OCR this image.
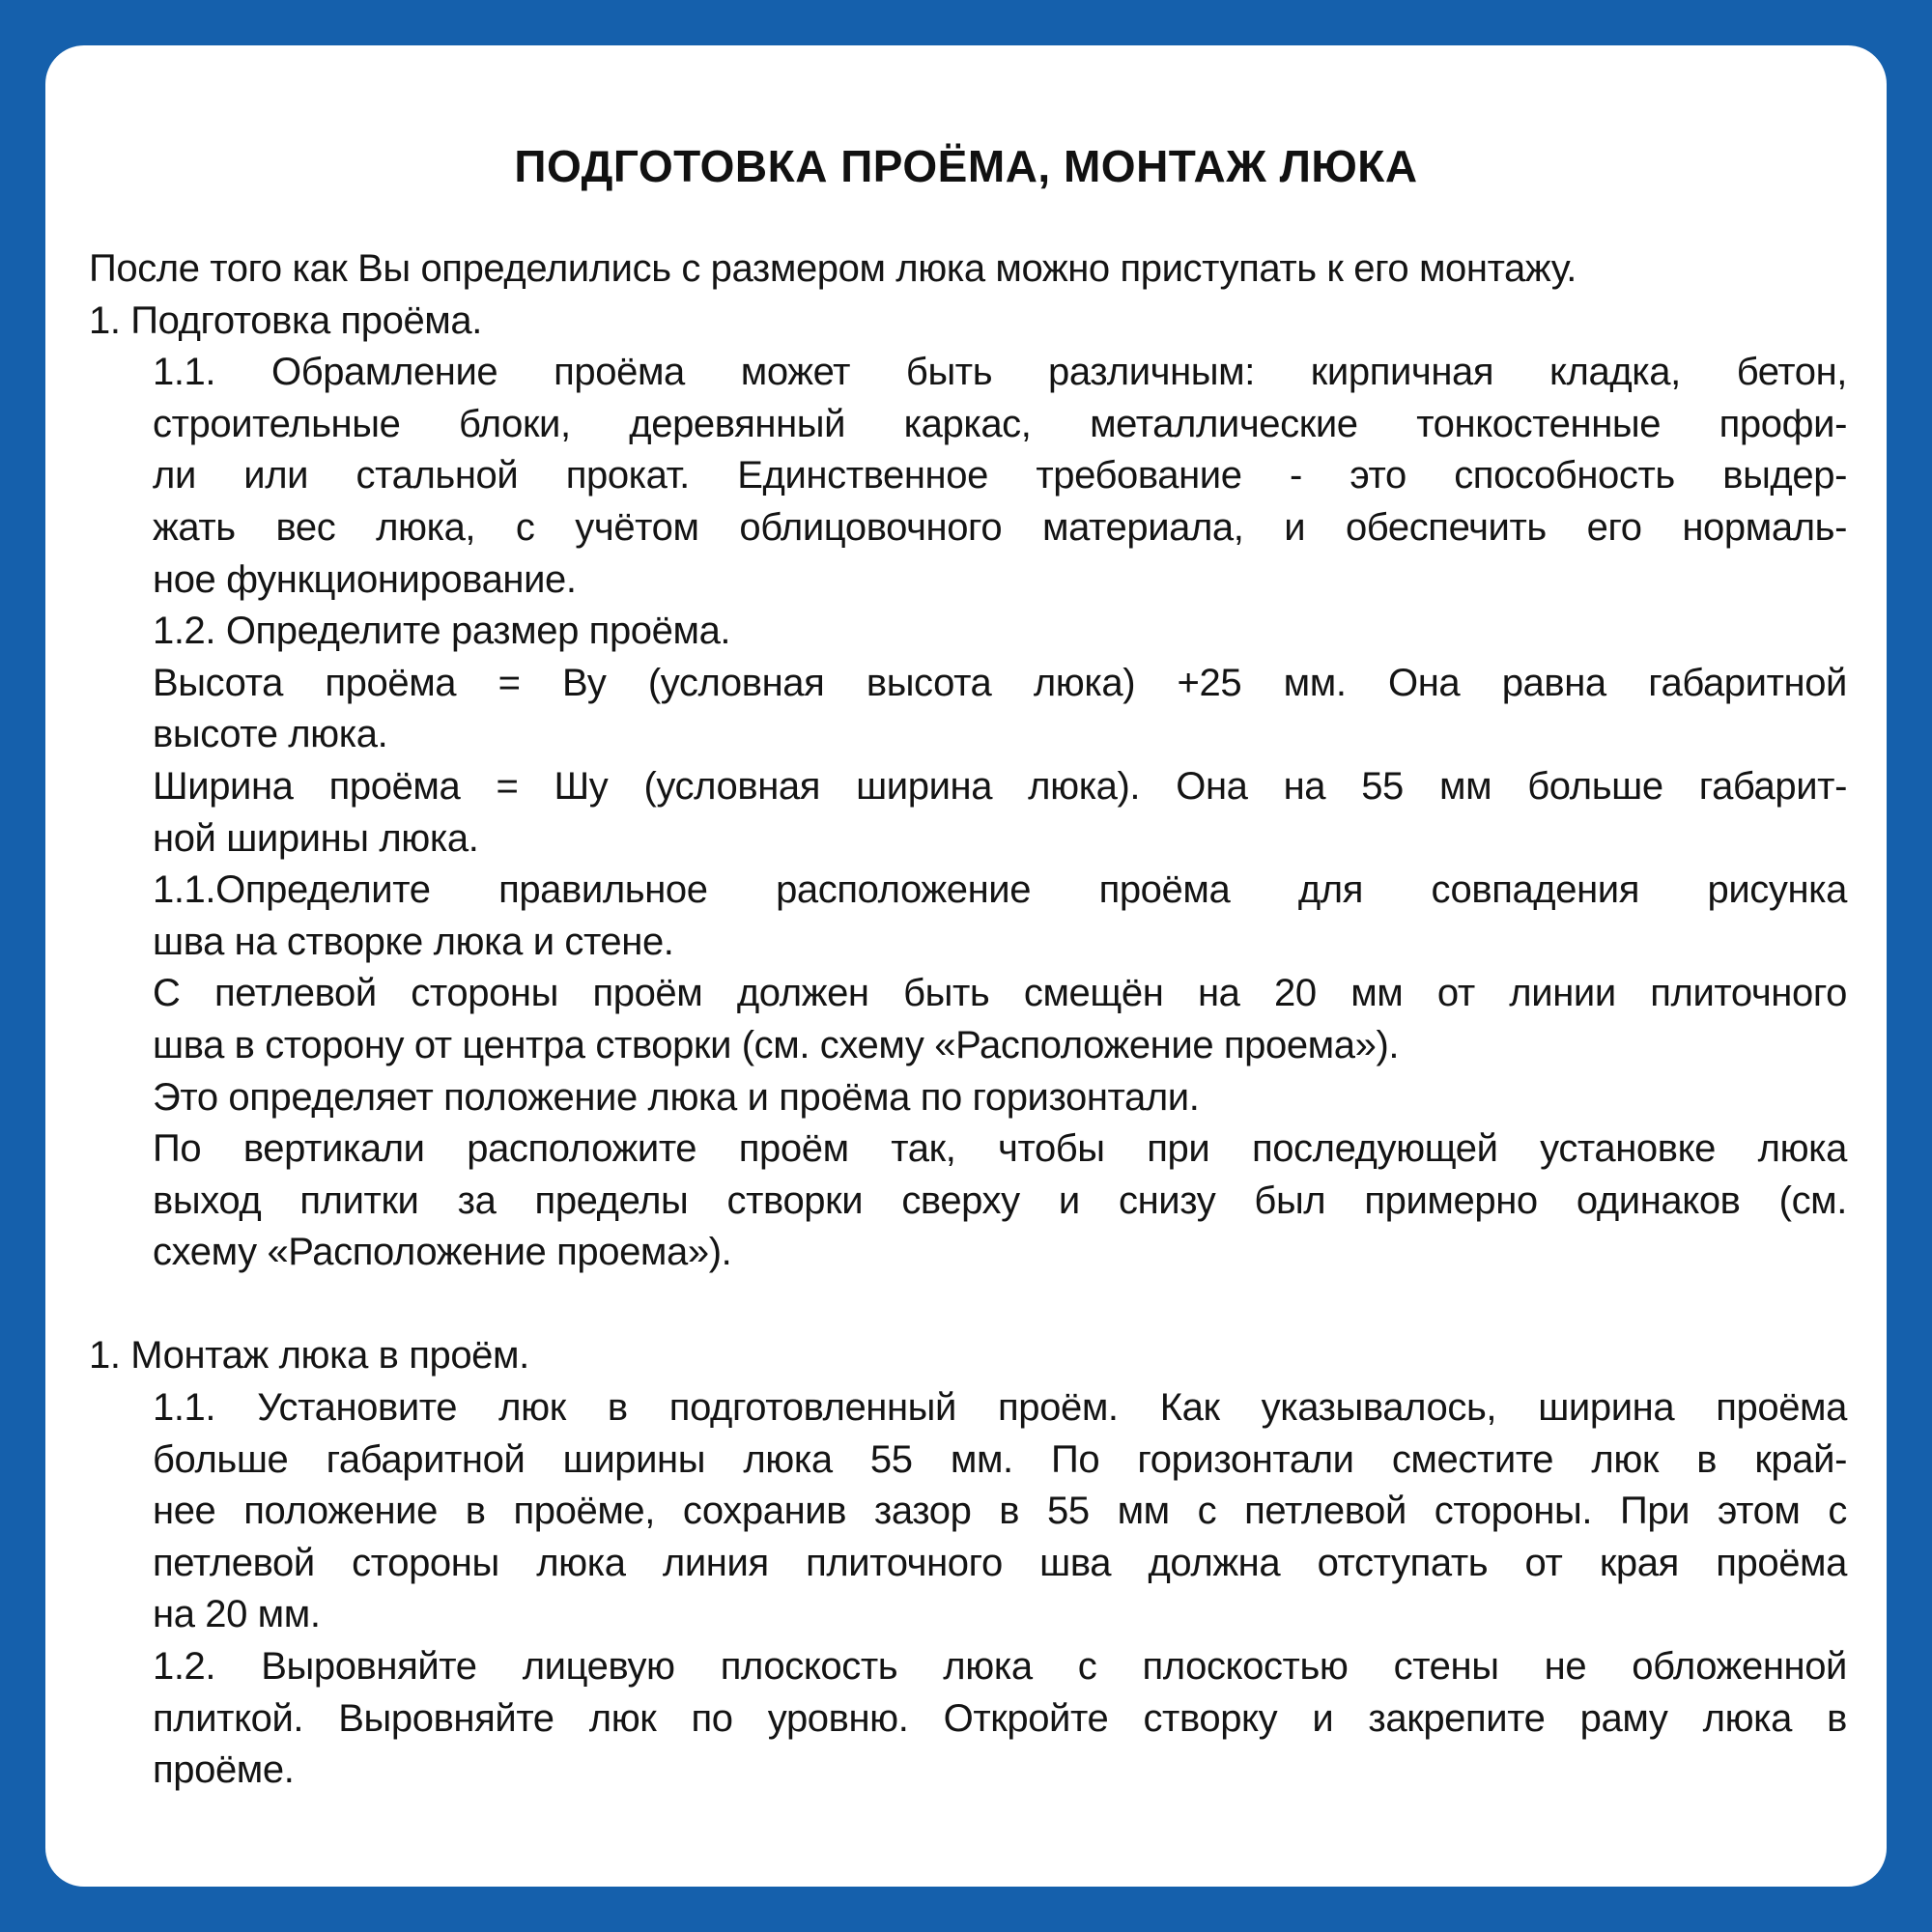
ПОДГОТОВКА ПРОЁМА, МОНТАЖ ЛЮКА

После того как Вы определились с размером люка можно приступать к его монтажу.

1. Подготовка проёма.

1.1. Обрамление проёма может быть различным: кирпичная кладка, бетон,
строительные блоки, деревянный каркас, металлические тонкостенные профи-
ли или стальной прокат. Единственное требование - это способность выдер-
жать вес люка, с учётом облицовочного материала, и обеспечить его нормаль-
ное функционирование.
1.2. Определите размер проёма.
Высота проёма = Ву (условная высота люка) +25 мм. Она равна габаритной
высоте люка.
Ширина проёма = Шу (условная ширина люка). Она на 55 мм больше габарит-
ной ширины люка.
1.1.Определите правильное расположение проёма для совпадения рисунка
шва на створке люка и стене.
С петлевой стороны проём должен быть смещён на 20 мм от линии плиточного
шва в сторону от центра створки (см. схему «Расположение проема»).
Это определяет положение люка и проёма по горизонтали.
По вертикали расположите проём так, чтобы при последующей установке люка
выход плитки за пределы створки сверху и снизу был примерно одинаков (см.
схему «Расположение проема»).

1. Монтаж люка в проём.

1.1. Установите люк в подготовленный проём. Как указывалось, ширина проёма
больше габаритной ширины люка 55 мм. По горизонтали сместите люк в край-
нее положение в проёме, сохранив зазор в 55 мм с петлевой стороны. При этом с
петлевой стороны люка линия плиточного шва должна отступать от края проёма
на 20 мм.
1.2. Выровняйте лицевую плоскость люка с плоскостью стены не обложенной
плиткой. Выровняйте люк по уровню. Откройте створку и закрепите раму люка в
проёме.
